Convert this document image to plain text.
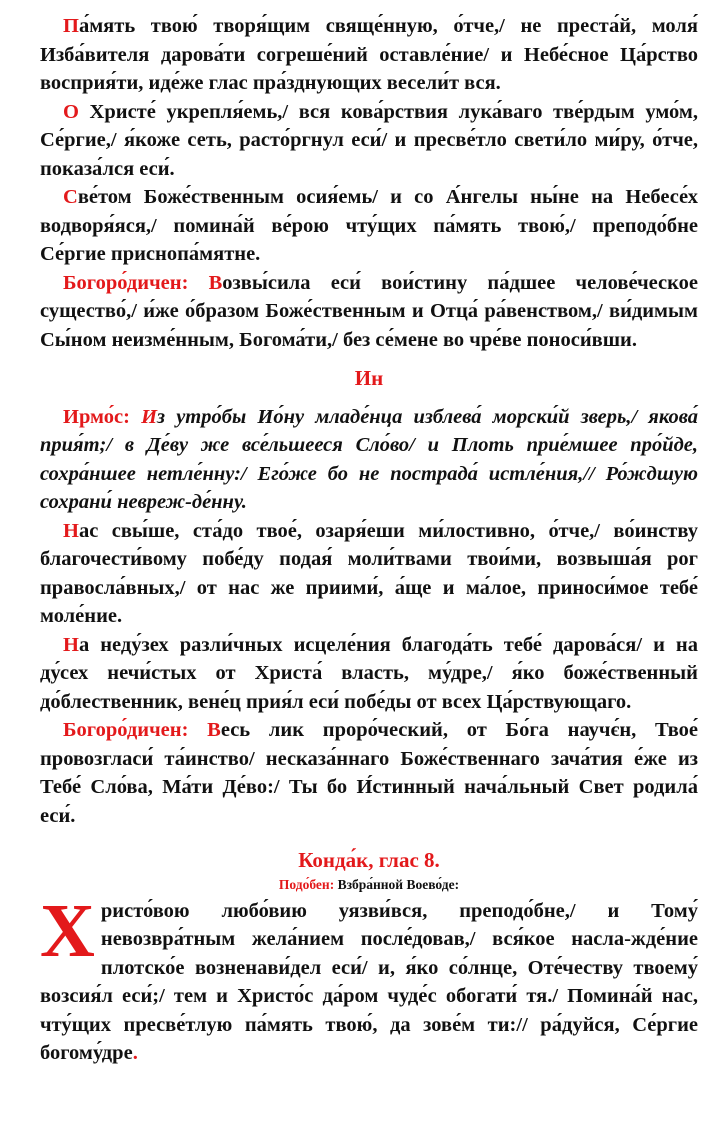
Па́мять твою́ творя́щим свяще́нную, о́тче,/ не преста́й, моля́ Изба́вителя дарова́ти согреше́ний оставле́ние/ и Небе́сное Ца́рство восприя́ти, иде́же глас пра́зднующих весели́т вся.

О Христе́ укрепля́емь,/ вся кова́рствия лука́ваго тве́рдым умо́м, Се́ргие,/ я́коже сеть, расто́ргнул еси́/ и пресве́тло свети́ло ми́ру, о́тче, показа́лся еси́.

Све́том Боже́ственным осия́емь/ и со А́нгелы ны́не на Небесе́х водворя́яся,/ помина́й ве́рою чту́щих па́мять твою́,/ преподо́бне Се́ргие приснопа́мятне.

Богоро́дичен: Возвы́сила еси́ вои́стину па́дшее челове́ческое существо́,/ и́же о́бразом Боже́ственным и Отца́ ра́венством,/ ви́димым Сы́ном неизме́нным, Богома́ти,/ без се́мене во чре́ве поноси́вши.

Ин

Ирмо́с: Из утро́бы Ио́ну младе́нца изблева́ морски́й зверь,/ якова́ прия́т;/ в Де́ву же все́льшееся Сло́во/ и Плоть прие́мшее про́йде, сохра́ншее нетле́нну:/ Его́же бо не пострада́ истле́ния,// Ро́ждшую сохрани́ невреж-де́нну.

Нас свы́ше, ста́до твое́, озаря́еши ми́лостивно, о́тче,/ во́инству благочести́вому побе́ду подая́ моли́твами твои́ми, возвыша́я рог правосла́вных,/ от нас же приими́, а́ще и ма́лое, приноси́мое тебе́ моле́ние.

На неду́зех разли́чных исцеле́ния благода́ть тебе́ дарова́ся/ и на ду́сех нечи́стых от Христа́ власть, му́дре,/ я́ко боже́ственный до́блественник, вене́ц прия́л еси́ побе́ды от всех Ца́рствующаго.

Богоро́дичен: Весь лик проро́ческий, от Бо́га научє́н, Твое́ провозгласи́ та́инство/ несказа́ннаго Боже́ственнаго зача́тия е́же из Тебе́ Сло́ва, Ма́ти Де́во:/ Ты бо И́стинный нача́льный Свет родила́ еси́.

Конда́к, глас 8.
Подо́бен: Взбра́нной Воево́де:
Х ристо́вою любо́вию уязви́вся, преподо́бне,/ и Тому́ невозвра́тным жела́нием после́довав,/ вся́кое насла-жде́ние плотско́е возненави́дел еси́/ и, я́ко со́лнце, Оте́честву твоему́ возсия́л еси́;/ тем и Христо́с да́ром чуде́с обогати́ тя./ Помина́й нас, чту́щих пресве́тлую па́мять твою́, да зове́м ти:// ра́дуйся, Се́ргие богому́дре.
